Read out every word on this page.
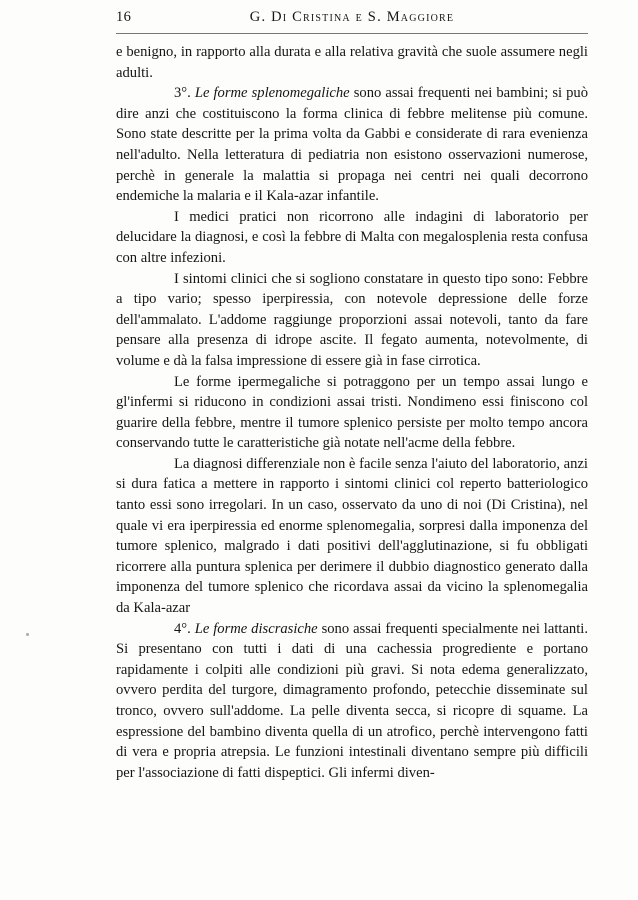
16	G. Di Cristina e S. Maggiore

e benigno, in rapporto alla durata e alla relativa gravità che suole assumere negli adulti.

3°. Le forme splenomegaliche sono assai frequenti nei bambini; si può dire anzi che costituiscono la forma clinica di febbre melitense più comune. Sono state descritte per la prima volta da Gabbi e considerate di rara evenienza nell'adulto. Nella letteratura di pediatria non esistono osservazioni numerose, perchè in generale la malattia si propaga nei centri nei quali decorrono endemiche la malaria e il Kala-azar infantile.

I medici pratici non ricorrono alle indagini di laboratorio per delucidare la diagnosi, e così la febbre di Malta con megalosplenia resta confusa con altre infezioni.

I sintomi clinici che si sogliono constatare in questo tipo sono: Febbre a tipo vario; spesso iperpiressia, con notevole depressione delle forze dell'ammalato. L'addome raggiunge proporzioni assai notevoli, tanto da fare pensare alla presenza di idrope ascite. Il fegato aumenta, notevolmente, di volume e dà la falsa impressione di essere già in fase cirrotica.

Le forme ipermegaliche si potraggono per un tempo assai lungo e gl'infermi si riducono in condizioni assai tristi. Nondimeno essi finiscono col guarire della febbre, mentre il tumore splenico persiste per molto tempo ancora conservando tutte le caratteristiche già notate nell'acme della febbre.

La diagnosi differenziale non è facile senza l'aiuto del laboratorio, anzi si dura fatica a mettere in rapporto i sintomi clinici col reperto batteriologico tanto essi sono irregolari. In un caso, osservato da uno di noi (Di Cristina), nel quale vi era iperpiressia ed enorme splenomegalia, sorpresi dalla imponenza del tumore splenico, malgrado i dati positivi dell'agglutinazione, si fu obbligati ricorrere alla puntura splenica per derimere il dubbio diagnostico generato dalla imponenza del tumore splenico che ricordava assai da vicino la splenomegalia da Kala-azar

4°. Le forme discrasiche sono assai frequenti specialmente nei lattanti. Si presentano con tutti i dati di una cachessia progrediente e portano rapidamente i colpiti alle condizioni più gravi. Si nota edema generalizzato, ovvero perdita del turgore, dimagramento profondo, petecchie disseminate sul tronco, ovvero sull'addome. La pelle diventa secca, si ricopre di squame. La espressione del bambino diventa quella di un atrofico, perchè intervengono fatti di vera e propria atrepsia. Le funzioni intestinali diventano sempre più difficili per l'associazione di fatti dispeptici. Gli infermi diven-
